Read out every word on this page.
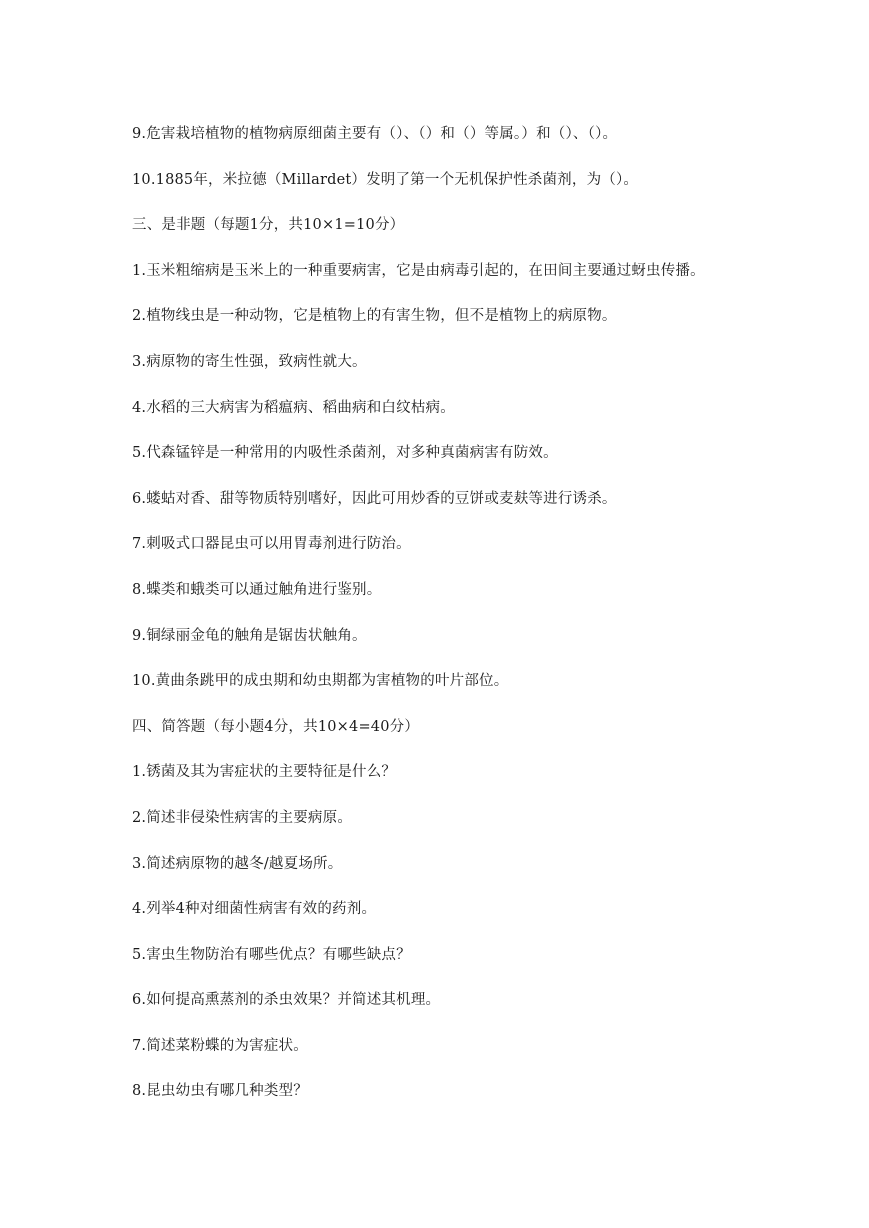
9.危害栽培植物的植物病原细菌主要有（）、（）和（）等属。）和（）、（）。
10.1885年，米拉德（Millardet）发明了第一个无机保护性杀菌剂，为（）。
三、是非题（每题1分，共10×1=10分）
1.玉米粗缩病是玉米上的一种重要病害，它是由病毒引起的，在田间主要通过蚜虫传播。
2.植物线虫是一种动物，它是植物上的有害生物，但不是植物上的病原物。
3.病原物的寄生性强，致病性就大。
4.水稻的三大病害为稻瘟病、稻曲病和白纹枯病。
5.代森锰锌是一种常用的内吸性杀菌剂，对多种真菌病害有防效。
6.蝼蛄对香、甜等物质特别嗜好，因此可用炒香的豆饼或麦麸等进行诱杀。
7.刺吸式口器昆虫可以用胃毒剂进行防治。
8.蝶类和蛾类可以通过触角进行鉴别。
9.铜绿丽金龟的触角是锯齿状触角。
10.黄曲条跳甲的成虫期和幼虫期都为害植物的叶片部位。
四、简答题（每小题4分，共10×4=40分）
1.锈菌及其为害症状的主要特征是什么？
2.简述非侵染性病害的主要病原。
3.简述病原物的越冬/越夏场所。
4.列举4种对细菌性病害有效的药剂。
5.害虫生物防治有哪些优点？有哪些缺点？
6.如何提高熏蒸剂的杀虫效果？并简述其机理。
7.简述菜粉蝶的为害症状。
8.昆虫幼虫有哪几种类型？
